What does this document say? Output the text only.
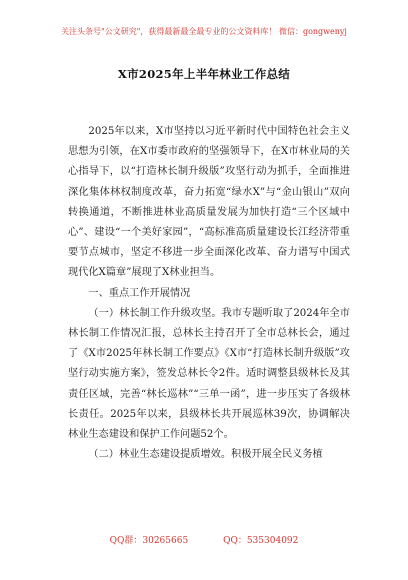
关注头条号"公文研究"，获得最新最全最专业的公文资料库！ 微信：gongwenyj
X市2025年上半年林业工作总结

2025年以来，X市坚持以习近平新时代中国特色社会主义思想为引领，在X市委市政府的坚强领导下，在X市林业局的关心指导下，以“打造林长制升级版”攻坚行动为抓手，全面推进深化集体林权制度改革，奋力拓宽“绿水X”与“金山银山”双向转换通道，不断推进林业高质量发展为加快打造“三个区域中心”、建设“一个美好家园”，“高标准高质量建设长江经济带重要节点城市，坚定不移进一步全面深化改革、奋力谱写中国式现代化X篇章”展现了X林业担当。

一、重点工作开展情况

（一）林长制工作升级攻坚。我市专题听取了2024年全市林长制工作情况汇报，总林长主持召开了全市总林长会，通过了《X市2025年林长制工作要点》《X市“打造林长制升级版”攻坚行动实施方案》，签发总林长令2件。适时调整县级林长及其责任区域，完善“林长巡林”“三单一函”，进一步压实了各级林长责任。2025年以来，县级林长共开展巡林39次，协调解决林业生态建设和保护工作问题52个。

（二）林业生态建设提质增效。积极开展全民义务植

QQ群：30265665	QQ：535304092
